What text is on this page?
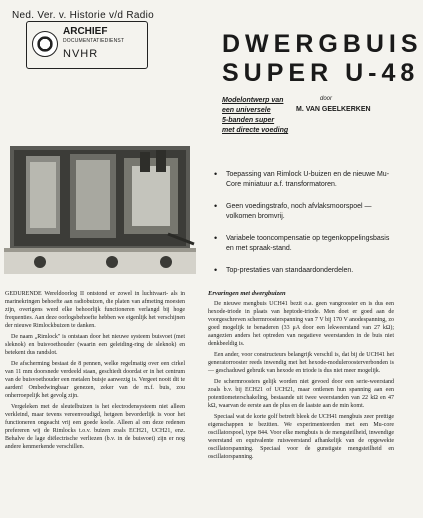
Ned. Ver. v. Historie v/d Radio
ARCHIEF
DOCUMENTATIEDIENST
NVHR	DWERGBUIS
SUPER U-48
Modelontwerp van
een universele
5-banden super
met directe voeding
door
M. VAN GEELKERKEN
• Toepassing van Rimlock U-buizen en de nieuwe Mu-Core miniatuur a.f. transformatoren.
• Geen voedingstrafo, noch afvlaksmoorspoel — volkomen bromvrij.
• Variabele tooncompensatie op tegenkoppelingsbasis en met spraak-stand.
• Top-prestaties van standaardonderdelen.

GEDURENDE Wereldoorlog II ontstond er zowel in luchtvaart- als in marinekringen behoefte aan radiobuizen, die platen van afmeting moesten zijn, overigens werd elke behoorlijk functioneren verlangd bij hoge frequenties. Aan deze oorlogsbehoefte hebben we eigenlijk het verschijnen der nieuwe Rimlockbuizen te danken.

De naam „Rimlock" is ontstaan door het nieuwe systeem buisvoet (met sleknok) en buisvoethouder (waarin een geleiding-ring de sleknok) en betekent dus randslot.

De afscherming bestaat de 8 pennen, welke regelmatig over een cirkel van 11 mm doorsnede verdeeld staan, geschiedt doordat er in het centrum van de buisvoethouder een metalen buisje aanwezig is. Vergeet nooit dit te aarden! Ombedwingbaar genezen, zeker van de m.f. buis, zou onherroepelijk het gevolg zijn.

Vergeleken met de sleutelbuizen is het electrodensysteem niet alleen verkleind, maar tevens vereenvoudigd, hetgeen bevorderlijk is voor het functioneren ongeacht vrij een goede koele. Alleen al om deze redenen prefereren wij de Rimlocks t.o.v. buizen zoals ECH21, UCH21, enz. Behalve de lage diëlectrische verliezen (b.v. in de buisvoet) zijn er nog andere kenmerkende verschillen.

Ervaringen met dwergbuizen

De nieuwe mengbuis UCH41 bezit o.a. geen vangrooster en is dus een hexode-triode in plaats van heptode-triode. Men doet er goed aan de voorgeschreven schermroosterspanning van 7 V bij 170 V anodespanning, zo goed mogelijk te benaderen (33 μA door een lekweerstand van 27 kΩ); aangezien anders het optreden van negatieve weerstanden in de buis niet denkbeeldig is.

Een ander, voor constructeurs belangrijk verschil is, dat bij de UCH41 het generatorrooster reeds inwendig met het hexode-moduleroosterverbonden is — geschaduwd gebruik van hexode en triode is dus niet meer mogelijk.

De schermroosters gelijk worden niet gevoed door een serie-weerstand zoals b.v. bij ECH21 of UCH21, maar ontlenen hun spanning aan een potentiometerschakeling, bestaande uit twee weerstanden van 22 kΩ en 47 kΩ, waarvan de eerste aan de plus en de laatste aan de min komt.

Speciaal wat de korte golf betreft bleek de UCH41 mengbuis zeer prettige eigenschappen te bezitten. We experimenteerden met een Mu-core oscillatorspoel, type 844. Voor elke mengbuis is de mengsteilheid, inwendige weerstand en equivalente ruisweerstand afhankelijk van de opgewekte oscillatorspanning. Speciaal voor de gunstigste mengsteilheid en oscillatorspanning.
